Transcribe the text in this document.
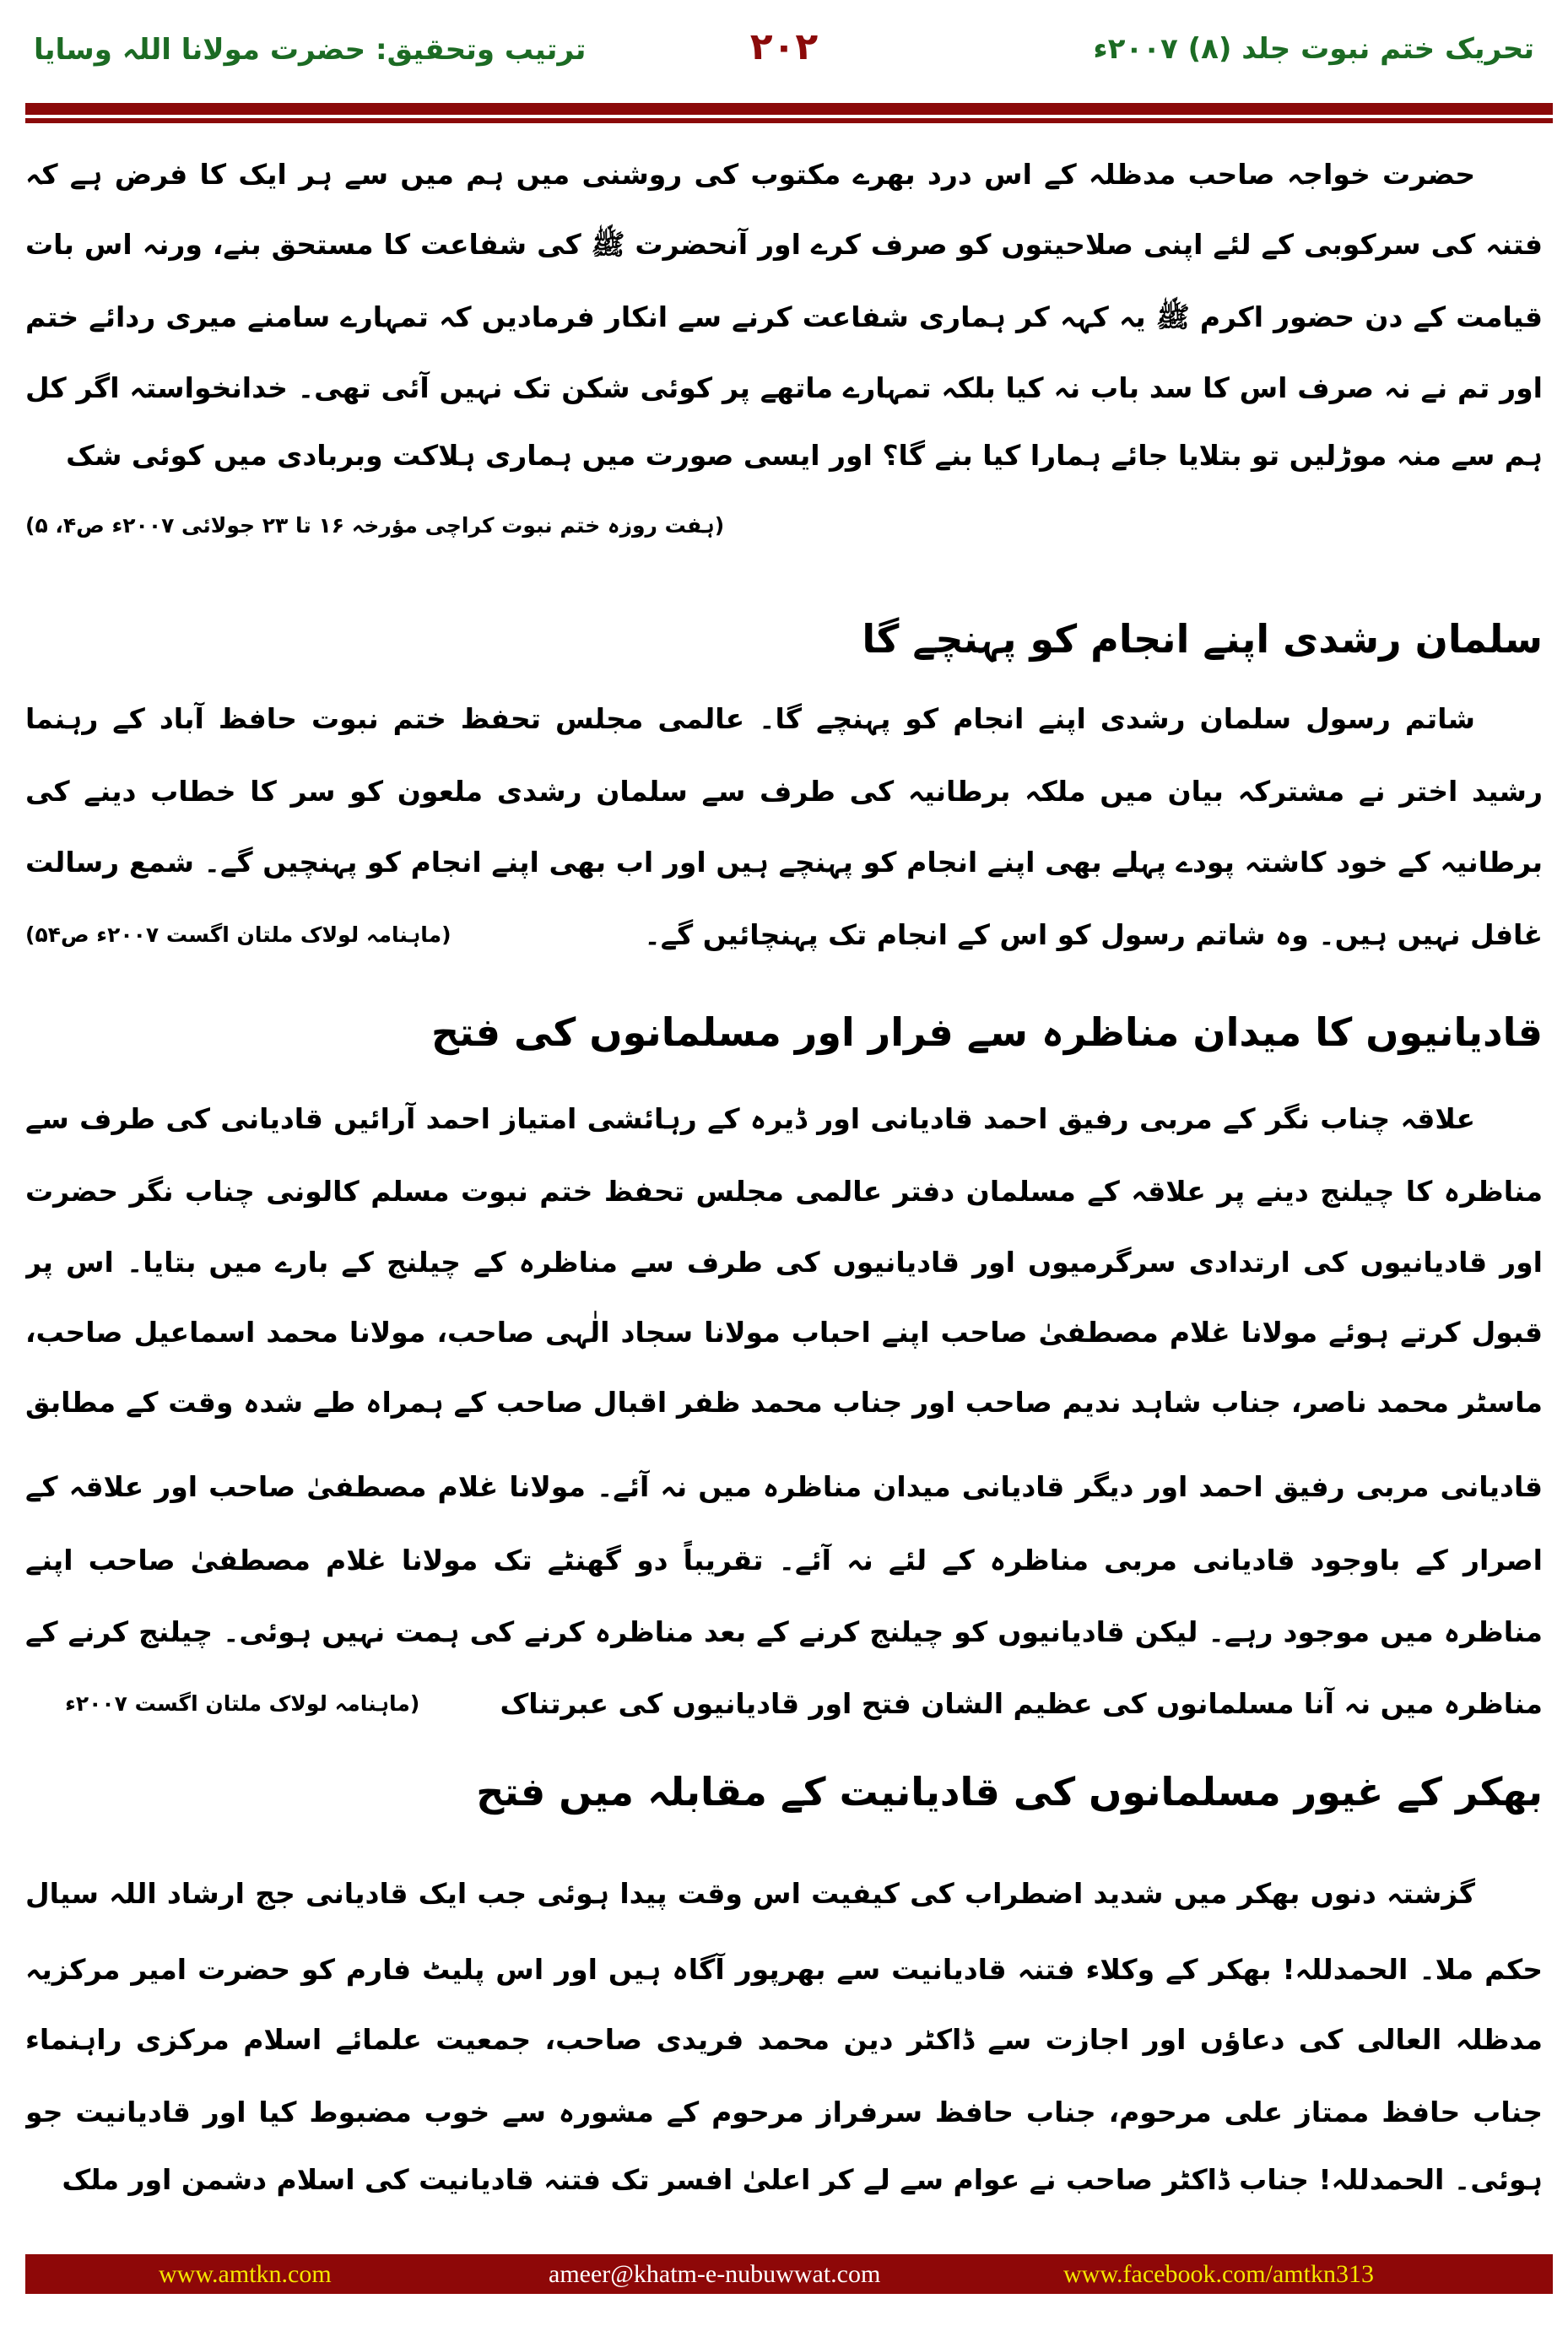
تحریک ختم نبوت جلد (۸) ۲۰۰۷ء
۲۰۲
ترتیب وتحقیق: حضرت مولانا اللہ وسایا
حضرت خواجہ صاحب مدظلہ کے اس درد بھرے مکتوب کی روشنی میں ہم میں سے ہر ایک کا فرض ہے کہ
فتنہ کی سرکوبی کے لئے اپنی صلاحیتوں کو صرف کرے اور آنحضرت ﷺ کی شفاعت کا مستحق بنے، ورنہ اس بات
قیامت کے دن حضور اکرم ﷺ یہ کہہ کر ہماری شفاعت کرنے سے انکار فرمادیں کہ تمہارے سامنے میری ردائے ختم
اور تم نے نہ صرف اس کا سد باب نہ کیا بلکہ تمہارے ماتھے پر کوئی شکن تک نہیں آئی تھی۔ خدانخواستہ اگر کل
ہم سے منہ موڑلیں تو بتلایا جائے ہمارا کیا بنے گا؟ اور ایسی صورت میں ہماری ہلاکت وبربادی میں کوئی شک
(ہفت روزہ ختم نبوت کراچی مؤرخہ ۱۶ تا ۲۳ جولائی ۲۰۰۷ء ص۴، ۵)
سلمان رشدی اپنے انجام کو پہنچے گا
شاتم رسول سلمان رشدی اپنے انجام کو پہنچے گا۔ عالمی مجلس تحفظ ختم نبوت حافظ آباد کے رہنما
رشید اختر نے مشترکہ بیان میں ملکہ برطانیہ کی طرف سے سلمان رشدی ملعون کو سر کا خطاب دینے کی
برطانیہ کے خود کاشتہ پودے پہلے بھی اپنے انجام کو پہنچے ہیں اور اب بھی اپنے انجام کو پہنچیں گے۔ شمع رسالت
غافل نہیں ہیں۔ وہ شاتم رسول کو اس کے انجام تک پہنچائیں گے۔
(ماہنامہ لولاک ملتان اگست ۲۰۰۷ء ص۵۴)
قادیانیوں کا میدان مناظرہ سے فرار اور مسلمانوں کی فتح
علاقہ چناب نگر کے مربی رفیق احمد قادیانی اور ڈیرہ کے رہائشی امتیاز احمد آرائیں قادیانی کی طرف سے
مناظرہ کا چیلنج دینے پر علاقہ کے مسلمان دفتر عالمی مجلس تحفظ ختم نبوت مسلم کالونی چناب نگر حضرت
اور قادیانیوں کی ارتدادی سرگرمیوں اور قادیانیوں کی طرف سے مناظرہ کے چیلنج کے بارے میں بتایا۔ اس پر
قبول کرتے ہوئے مولانا غلام مصطفیٰ صاحب اپنے احباب مولانا سجاد الٰہی صاحب، مولانا محمد اسماعیل صاحب،
ماسٹر محمد ناصر، جناب شاہد ندیم صاحب اور جناب محمد ظفر اقبال صاحب کے ہمراہ طے شدہ وقت کے مطابق
قادیانی مربی رفیق احمد اور دیگر قادیانی میدان مناظرہ میں نہ آئے۔ مولانا غلام مصطفیٰ صاحب اور علاقہ کے
اصرار کے باوجود قادیانی مربی مناظرہ کے لئے نہ آئے۔ تقریباً دو گھنٹے تک مولانا غلام مصطفیٰ صاحب اپنے
مناظرہ میں موجود رہے۔ لیکن قادیانیوں کو چیلنج کرنے کے بعد مناظرہ کرنے کی ہمت نہیں ہوئی۔ چیلنج کرنے کے
مناظرہ میں نہ آنا مسلمانوں کی عظیم الشان فتح اور قادیانیوں کی عبرتناک
(ماہنامہ لولاک ملتان اگست ۲۰۰۷ء
بھکر کے غیور مسلمانوں کی قادیانیت کے مقابلہ میں فتح
گزشتہ دنوں بھکر میں شدید اضطراب کی کیفیت اس وقت پیدا ہوئی جب ایک قادیانی جج ارشاد اللہ سیال
حکم ملا۔ الحمدللہ! بھکر کے وکلاء فتنہ قادیانیت سے بھرپور آگاہ ہیں اور اس پلیٹ فارم کو حضرت امیر مرکزیہ
مدظلہ العالی کی دعاؤں اور اجازت سے ڈاکٹر دین محمد فریدی صاحب، جمعیت علمائے اسلام مرکزی راہنماء
جناب حافظ ممتاز علی مرحوم، جناب حافظ سرفراز مرحوم کے مشورہ سے خوب مضبوط کیا اور قادیانیت جو
ہوئی۔ الحمدللہ! جناب ڈاکٹر صاحب نے عوام سے لے کر اعلیٰ افسر تک فتنہ قادیانیت کی اسلام دشمن اور ملک
www.amtkn.com	ameer@khatm-e-nubuwwat.com	www.facebook.com/amtkn313
